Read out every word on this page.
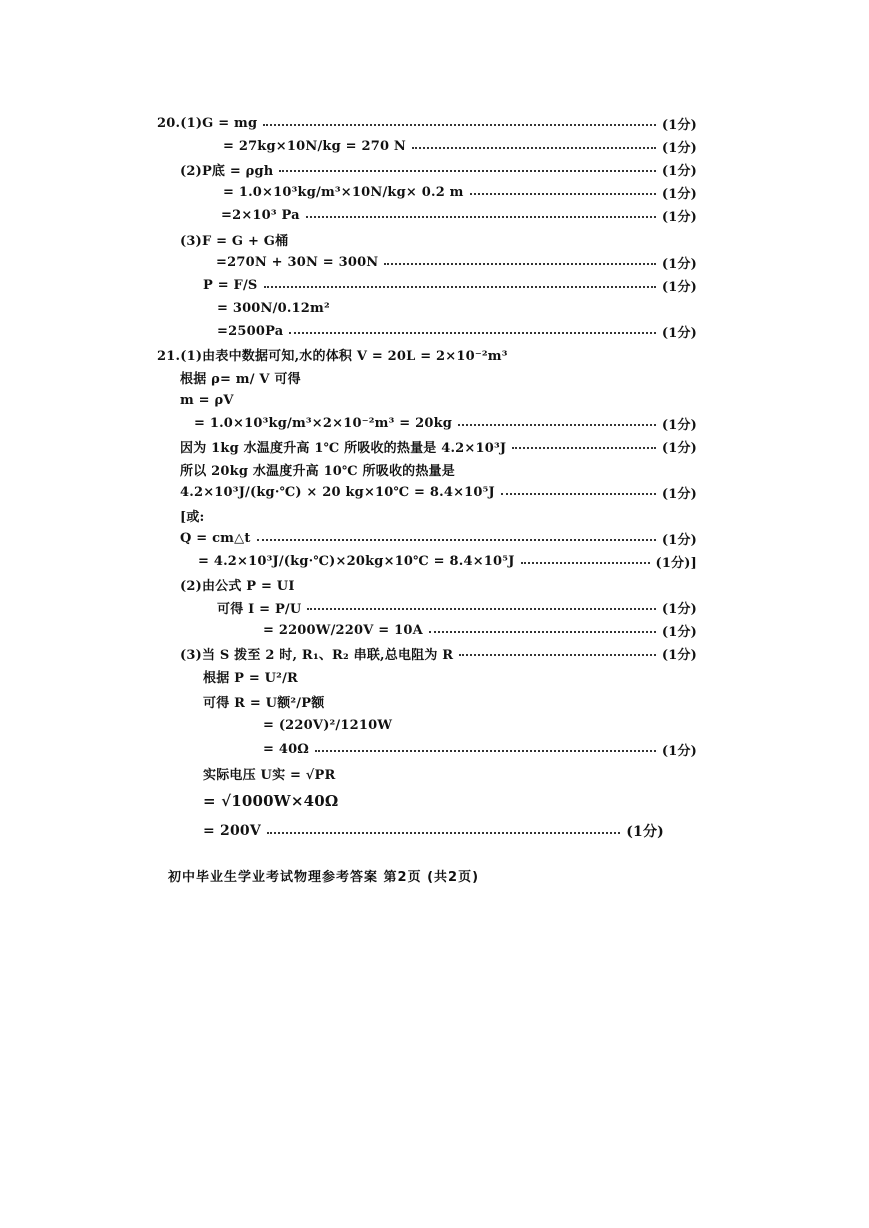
20.(1)G = mg	(1分)
= 27kg×10N/kg = 270 N	(1分)
(2)P底 = ρgh	(1分)
= 1.0×10³kg/m³×10N/kg× 0.2 m	(1分)
=2×10³ Pa	(1分)
(3)F = G + G桶
=270N + 30N = 300N	(1分)
P = F/S	(1分)
= 300N/0.12m²
=2500Pa	(1分)
21.(1)由表中数据可知,水的体积 V = 20L = 2×10⁻²m³
根据 ρ= m/ V 可得
m = ρV
= 1.0×10³kg/m³×2×10⁻²m³ = 20kg	(1分)
因为 1kg 水温度升高 1℃ 所吸收的热量是 4.2×10³J	(1分)
所以 20kg 水温度升高 10℃ 所吸收的热量是
4.2×10³J/(kg·℃) × 20 kg×10℃ = 8.4×10⁵J	(1分)
[或:
Q = cm△t	(1分)
= 4.2×10³J/(kg·℃)×20kg×10℃ = 8.4×10⁵J	(1分)]
(2)由公式 P = UI
可得 I = P/U	(1分)
= 2200W/220V = 10A	(1分)
(3)当 S 拨至 2 时, R₁、R₂ 串联,总电阻为 R	(1分)
根据 P = U²/R
可得 R = U额²/P额
= (220V)²/1210W
= 40Ω	(1分)
实际电压 U实 = √PR
= √1000W×40Ω
= 200V	(1分)
初中毕业生学业考试物理参考答案 第2页 (共2页)
